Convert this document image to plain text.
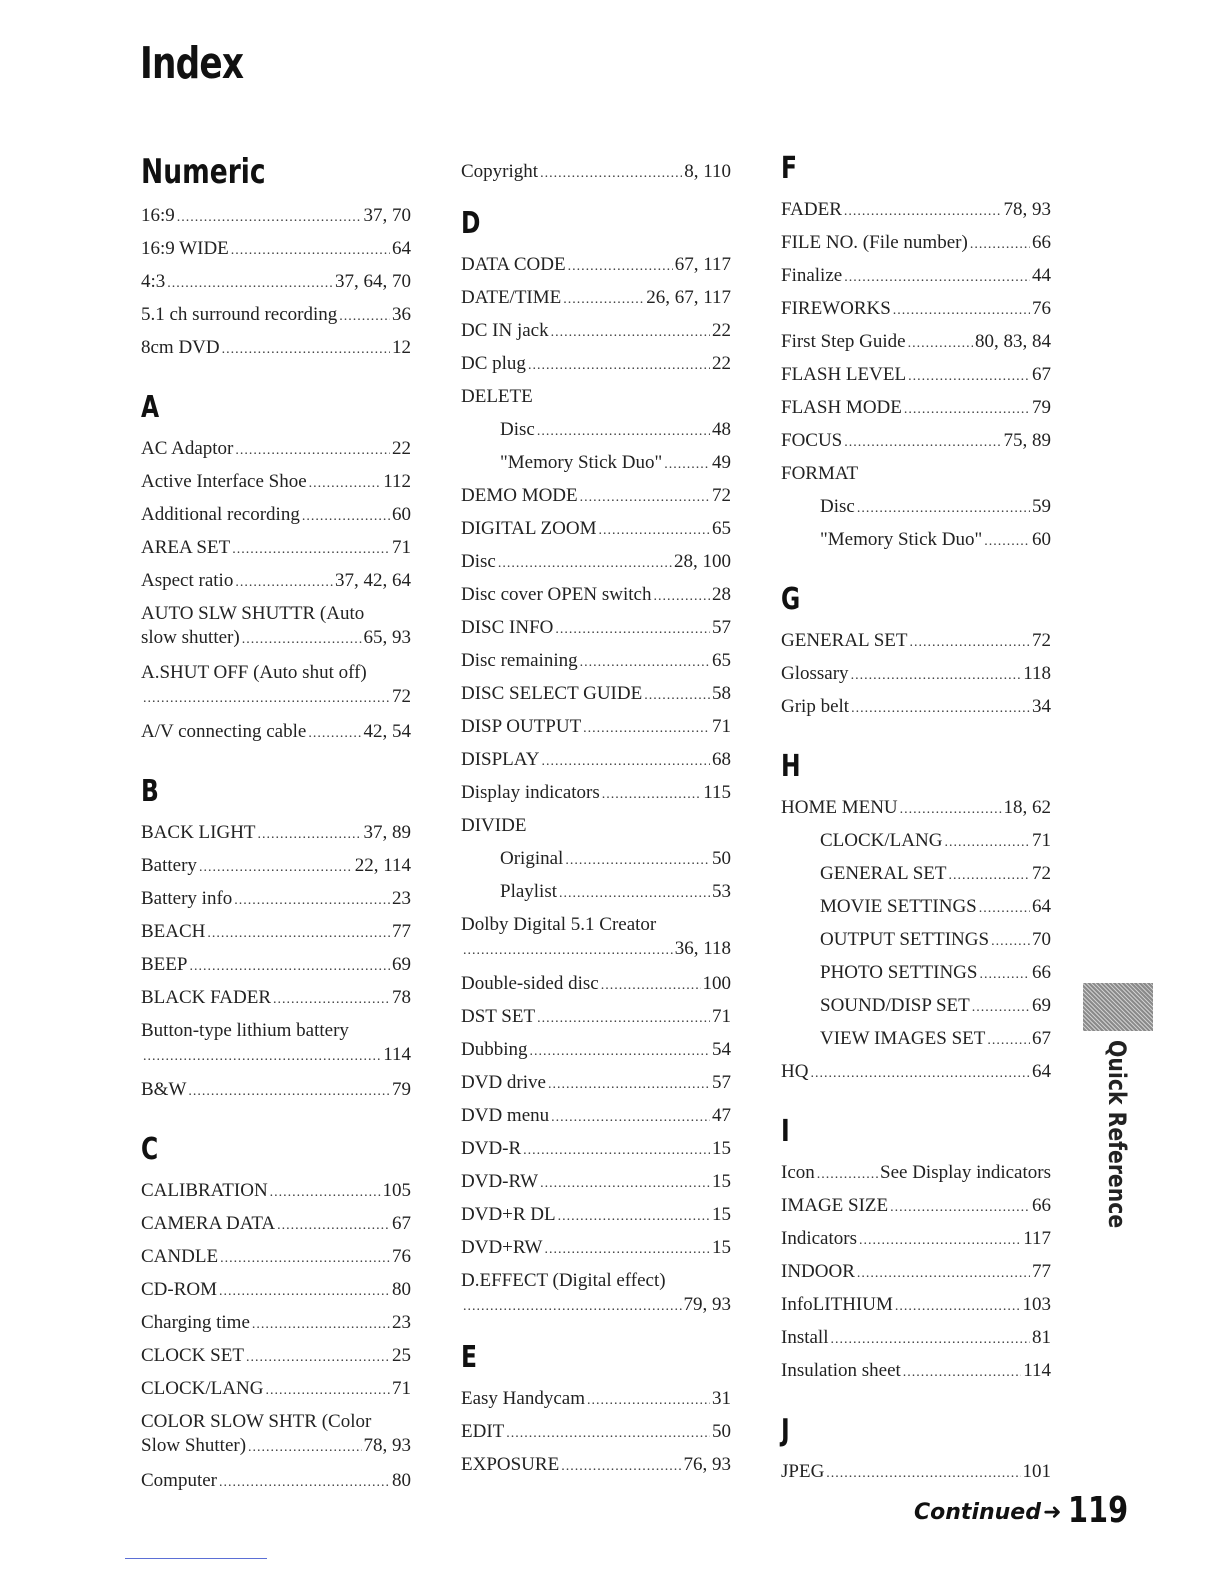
Index
Numeric
16:9 .....	37, 70
16:9 WIDE .....	64
4:3 .....	37, 64, 70
5.1 ch surround recording .....	36
8cm DVD .....	12
A
AC Adaptor .....	22
Active Interface Shoe .....	112
Additional recording .....	60
AREA SET .....	71
Aspect ratio .....	37, 42, 64
AUTO SLW SHUTTR (Auto
slow shutter) .....	65, 93
A.SHUT OFF (Auto shut off)
.....
72
A/V connecting cable .....	42, 54
B
BACK LIGHT .....	37, 89
Battery .....	22, 114
Battery info .....	23
BEACH .....	77
BEEP .....	69
BLACK FADER .....	78
Button-type lithium battery
.....
114
B&W .....	79
C
CALIBRATION .....	105
CAMERA DATA .....	67
CANDLE .....	76
CD-ROM .....	80
Charging time .....	23
CLOCK SET .....	25
CLOCK/LANG .....	71
COLOR SLOW SHTR (Color
Slow Shutter) .....	78, 93
Computer .....	80
Copyright .....	8, 110
D
DATA CODE .....	67, 117
DATE/TIME .....	26, 67, 117
DC IN jack .....	22
DC plug .....	22
DELETE
Disc .....	48
"Memory Stick Duo" .....	49
DEMO MODE .....	72
DIGITAL ZOOM .....	65
Disc .....	28, 100
Disc cover OPEN switch .....	28
DISC INFO .....	57
Disc remaining .....	65
DISC SELECT GUIDE .....	58
DISP OUTPUT .....	71
DISPLAY .....	68
Display indicators .....	115
DIVIDE
Original .....	50
Playlist .....	53
Dolby Digital 5.1 Creator
.....
36, 118
Double-sided disc .....	100
DST SET .....	71
Dubbing .....	54
DVD drive .....	57
DVD menu .....	47
DVD-R .....	15
DVD-RW .....	15
DVD+R DL .....	15
DVD+RW .....	15
D.EFFECT (Digital effect)
.....
79, 93
E
Easy Handycam .....	31
EDIT .....	50
EXPOSURE .....	76, 93
F
FADER .....	78, 93
FILE NO. (File number) .....	66
Finalize .....	44
FIREWORKS .....	76
First Step Guide .....	80, 83, 84
FLASH LEVEL .....	67
FLASH MODE .....	79
FOCUS .....	75, 89
FORMAT
Disc .....	59
"Memory Stick Duo" .....	60
G
GENERAL SET .....	72
Glossary .....	118
Grip belt .....	34
H
HOME MENU .....	18, 62
CLOCK/LANG .....	71
GENERAL SET .....	72
MOVIE SETTINGS .....	64
OUTPUT SETTINGS ..... 70
PHOTO SETTINGS .....	66
SOUND/DISP SET .....	69
VIEW IMAGES SET ..... 67
HQ .....	64
I
Icon .....	See Display indicators
IMAGE SIZE .....	66
Indicators .....	117
INDOOR .....	77
InfoLITHIUM .....	103
Install .....	81
Insulation sheet .....	114
J
JPEG .....	101
Quick Reference
Continued ➜ 119
